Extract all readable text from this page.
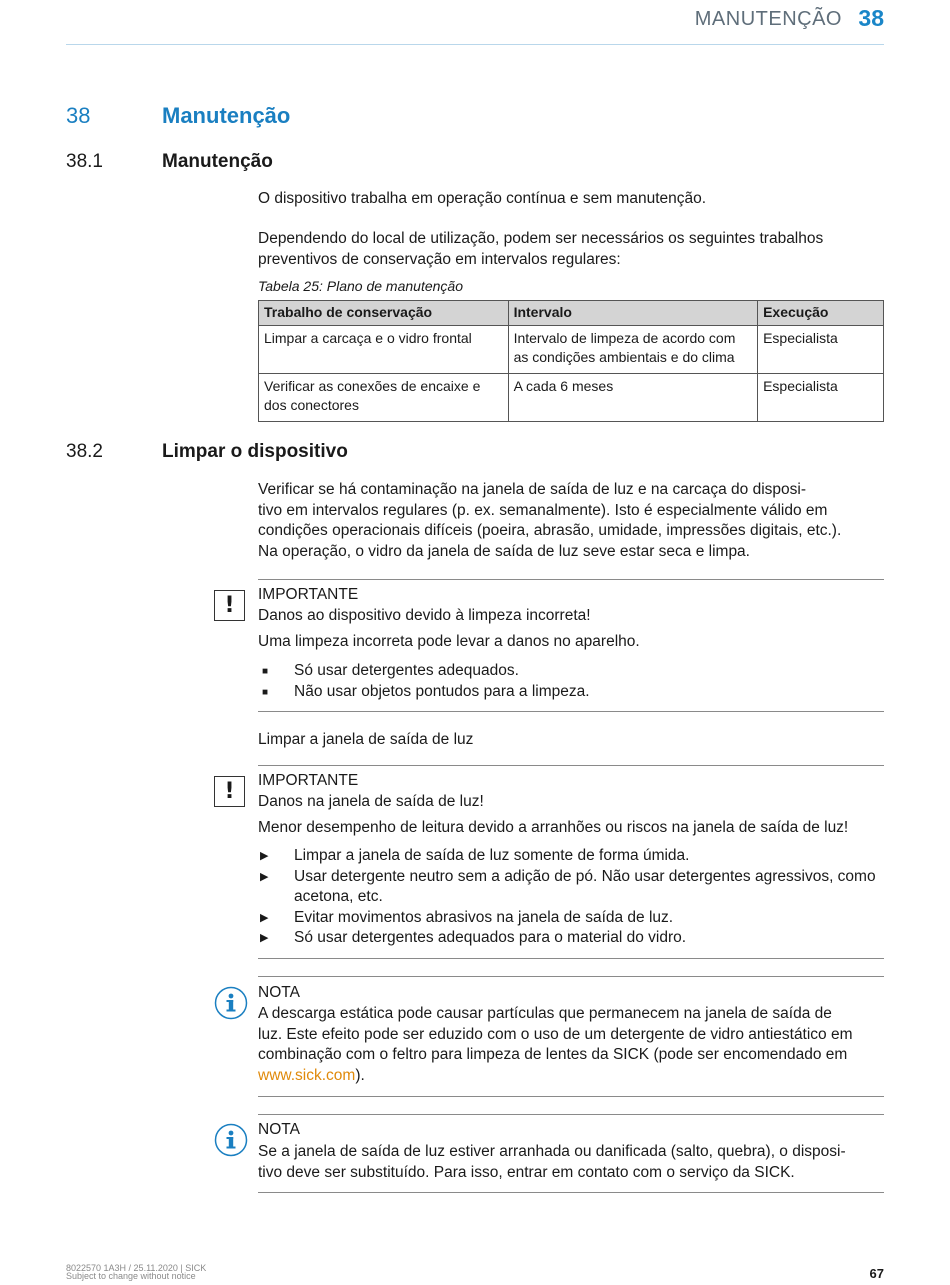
MANUTENÇÃO 38
38	Manutenção
38.1	Manutenção
O dispositivo trabalha em operação contínua e sem manutenção.
Dependendo do local de utilização, podem ser necessários os seguintes trabalhos
preventivos de conservação em intervalos regulares:
Tabela 25: Plano de manutenção
Trabalho de conservação	Intervalo	Execução
Limpar a carcaça e o vidro frontal	Intervalo de limpeza de acordo com as condições ambientais e do clima	Especialista
Verificar as conexões de encaixe e dos conectores	A cada 6 meses	Especialista
38.2	Limpar o dispositivo
Verificar se há contaminação na janela de saída de luz e na carcaça do disposi-
tivo em intervalos regulares (p. ex. semanalmente). Isto é especialmente válido em
condições operacionais difíceis (poeira, abrasão, umidade, impressões digitais, etc.).
Na operação, o vidro da janela de saída de luz seve estar seca e limpa.
!	IMPORTANTE
Danos ao dispositivo devido à limpeza incorreta!
Uma limpeza incorreta pode levar a danos no aparelho.
■ Só usar detergentes adequados.
■ Não usar objetos pontudos para a limpeza.
Limpar a janela de saída de luz
!	IMPORTANTE
Danos na janela de saída de luz!
Menor desempenho de leitura devido a arranhões ou riscos na janela de saída de luz!
▶ Limpar a janela de saída de luz somente de forma úmida.
▶ Usar detergente neutro sem a adição de pó. Não usar detergentes agressivos, como acetona, etc.
▶ Evitar movimentos abrasivos na janela de saída de luz.
▶ Só usar detergentes adequados para o material do vidro.
NOTA
A descarga estática pode causar partículas que permanecem na janela de saída de
luz. Este efeito pode ser eduzido com o uso de um detergente de vidro antiestático em
combinação com o feltro para limpeza de lentes da SICK (pode ser encomendado em
www.sick.com).
NOTA
Se a janela de saída de luz estiver arranhada ou danificada (salto, quebra), o disposi-
tivo deve ser substituído. Para isso, entrar em contato com o serviço da SICK.
8022570 1A3H / 25.11.2020 | SICK
Subject to change without notice	67
